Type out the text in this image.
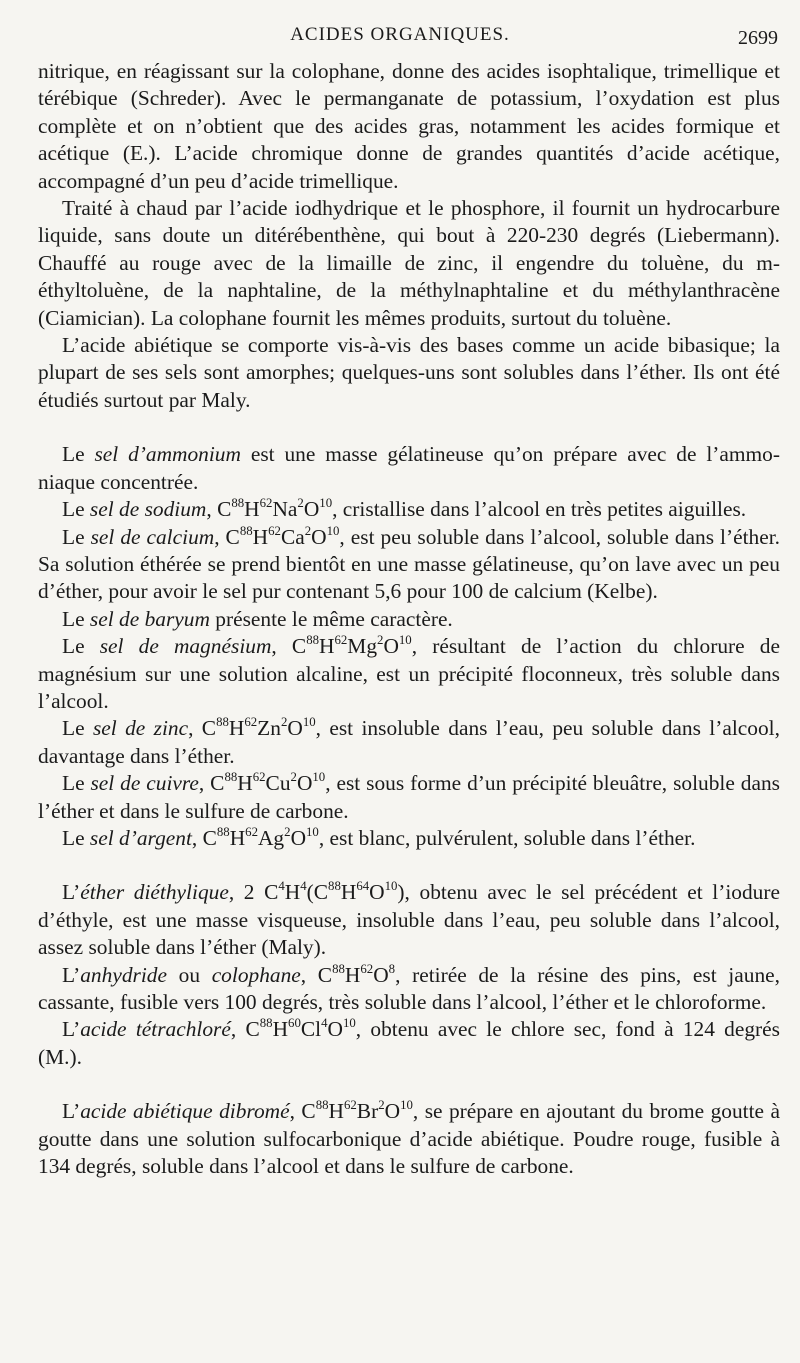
ACIDES ORGANIQUES.	2699

nitrique, en réagissant sur la colophane, donne des acides isophtalique, trimellique et térébique (Schreder). Avec le permanganate de potassium, l’oxydation est plus complète et on n’obtient que des acides gras, notamment les acides formique et acétique (E.). L’acide chromique donne de grandes quantités d’acide acétique, accompagné d’un peu d’acide trimellique.

Traité à chaud par l’acide iodhydrique et le phosphore, il fournit un hydrocarbure liquide, sans doute un ditérébenthène, qui bout à 220-230 degrés (Liebermann). Chauffé au rouge avec de la limaille de zinc, il engendre du toluène, du m-éthyltoluène, de la naphtaline, de la méthylnaphtaline et du méthylanthracène (Ciamician). La colophane fournit les mêmes produits, surtout du toluène.

L’acide abiétique se comporte vis-à-vis des bases comme un acide bibasique; la plupart de ses sels sont amorphes; quelques-uns sont solubles dans l’éther. Ils ont été étudiés surtout par Maly.

Le sel d’ammonium est une masse gélatineuse qu’on prépare avec de l’ammoniaque concentrée.

Le sel de sodium, $C^{88}H^{62}Na^2O^{10}$, cristallise dans l’alcool en très petites aiguilles.

Le sel de calcium, $C^{88}H^{62}Ca^2O^{10}$, est peu soluble dans l’alcool, soluble dans l’éther. Sa solution éthérée se prend bientôt en une masse gélatineuse, qu’on lave avec un peu d’éther, pour avoir le sel pur contenant 5,6 pour 100 de calcium (Kelbe).

Le sel de baryum présente le même caractère.

Le sel de magnésium, $C^{88}H^{62}Mg^2O^{10}$, résultant de l’action du chlorure de magnésium sur une solution alcaline, est un précipité floconneux, très soluble dans l’alcool.

Le sel de zinc, $C^{88}H^{62}Zn^2O^{10}$, est insoluble dans l’eau, peu soluble dans l’alcool, davantage dans l’éther.

Le sel de cuivre, $C^{88}H^{62}Cu^2O^{10}$, est sous forme d’un précipité bleuâtre, soluble dans l’éther et dans le sulfure de carbone.

Le sel d’argent, $C^{88}H^{62}Ag^2O^{10}$, est blanc, pulvérulent, soluble dans l’éther.

L’éther diéthylique, 2 $C^4H^4(C^{88}H^{64}O^{10})$, obtenu avec le sel précédent et l’iodure d’éthyle, est une masse visqueuse, insoluble dans l’eau, peu soluble dans l’alcool, assez soluble dans l’éther (Maly).

L’anhydride ou colophane, $C^{88}H^{62}O^8$, retirée de la résine des pins, est jaune, cassante, fusible vers 100 degrés, très soluble dans l’alcool, l’éther et le chloroforme.

L’acide tétrachloré, $C^{88}H^{60}Cl^4O^{10}$, obtenu avec le chlore sec, fond à 124 degrés (M.).

L’acide abiétique dibromé, $C^{88}H^{62}Br^2O^{10}$, se prépare en ajoutant du brome goutte à goutte dans une solution sulfocarbonique d’acide abiétique. Poudre rouge, fusible à 134 degrés, soluble dans l’alcool et dans le sulfure de carbone.
